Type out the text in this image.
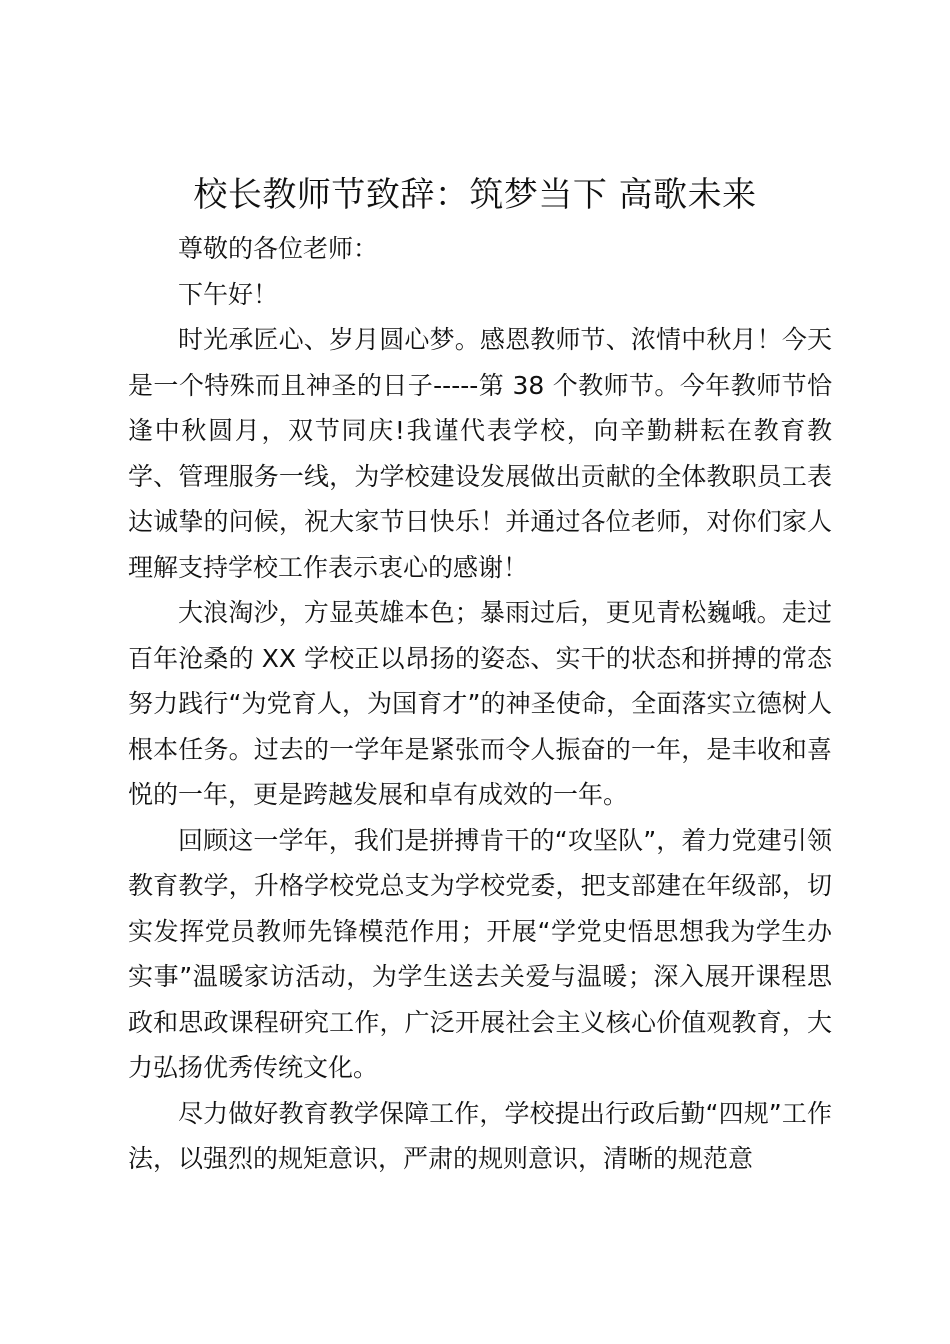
校长教师节致辞：筑梦当下 高歌未来

尊敬的各位老师：

下午好！

时光承匠心、岁月圆心梦。感恩教师节、浓情中秋月！今天是一个特殊而且神圣的日子-----第 38 个教师节。今年教师节恰逢中秋圆月，双节同庆!我谨代表学校，向辛勤耕耘在教育教学、管理服务一线，为学校建设发展做出贡献的全体教职员工表达诚挚的问候，祝大家节日快乐！并通过各位老师，对你们家人理解支持学校工作表示衷心的感谢！

大浪淘沙，方显英雄本色；暴雨过后，更见青松巍峨。走过百年沧桑的 XX 学校正以昂扬的姿态、实干的状态和拼搏的常态努力践行“为党育人，为国育才”的神圣使命，全面落实立德树人根本任务。过去的一学年是紧张而令人振奋的一年，是丰收和喜悦的一年，更是跨越发展和卓有成效的一年。

回顾这一学年，我们是拼搏肯干的“攻坚队”，着力党建引领教育教学，升格学校党总支为学校党委，把支部建在年级部，切实发挥党员教师先锋模范作用；开展“学党史悟思想我为学生办实事”温暖家访活动，为学生送去关爱与温暖；深入展开课程思政和思政课程研究工作，广泛开展社会主义核心价值观教育，大力弘扬优秀传统文化。

尽力做好教育教学保障工作，学校提出行政后勤“四规”工作法，以强烈的规矩意识，严肃的规则意识，清晰的规范意
